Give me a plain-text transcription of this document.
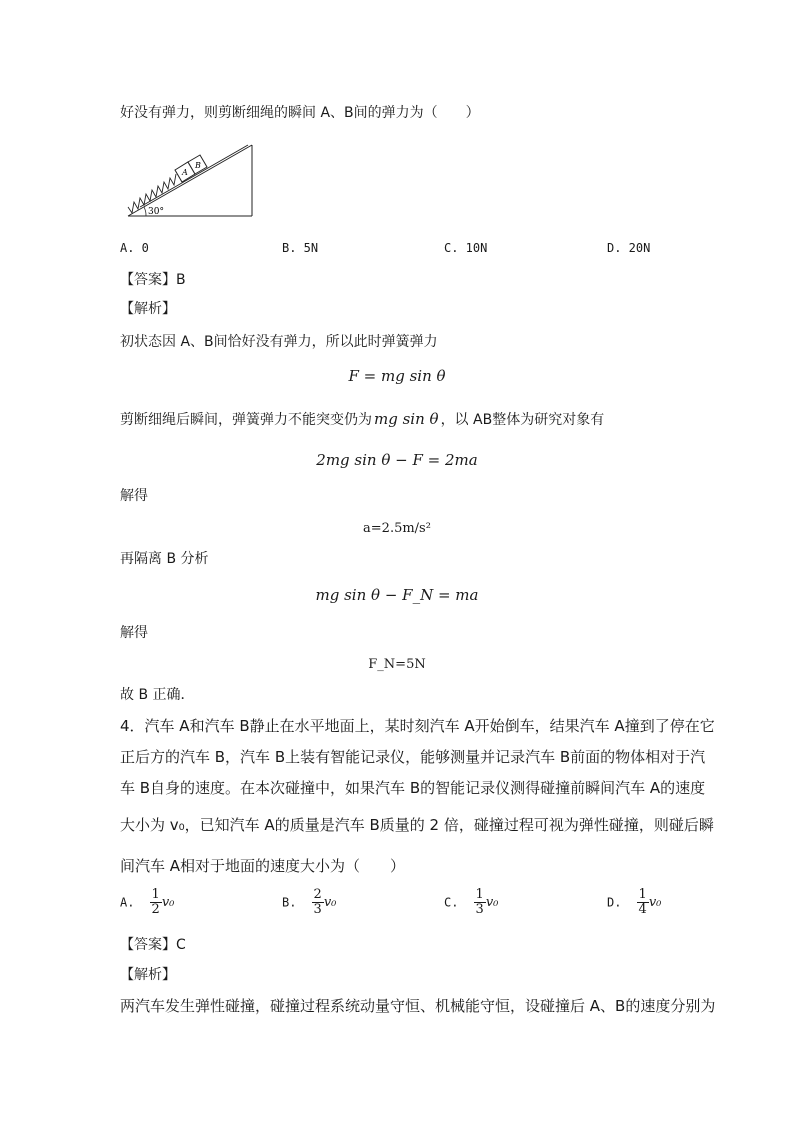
好没有弹力，则剪断细绳的瞬间 A、B间的弹力为（　　）
A
B
30°
A. 0	B. 5N	C. 10N	D. 20N
【答案】B
【解析】
初状态因 A、B间恰好没有弹力，所以此时弹簧弹力
F = mg sin θ
剪断细绳后瞬间，弹簧弹力不能突变仍为 mg sin θ ，以 AB整体为研究对象有
2mg sin θ − F = 2ma
解得
a=2.5m/s²
再隔离 B 分析
mg sin θ − F_N = ma
解得
F_N=5N
故 B 正确．
4．汽车 A和汽车 B静止在水平地面上，某时刻汽车 A开始倒车，结果汽车 A撞到了停在它
正后方的汽车 B，汽车 B上装有智能记录仪，能够测量并记录汽车 B前面的物体相对于汽
车 B自身的速度。在本次碰撞中，如果汽车 B的智能记录仪测得碰撞前瞬间汽车 A的速度
大小为 v₀，已知汽车 A的质量是汽车 B质量的 2 倍，碰撞过程可视为弹性碰撞，则碰后瞬
间汽车 A相对于地面的速度大小为（　　）
A. $\frac{1}{2} v_0$	B. $\frac{2}{3} v_0$	C. $\frac{1}{3} v_0$	D. $\frac{1}{4} v_0$
【答案】C
【解析】
两汽车发生弹性碰撞，碰撞过程系统动量守恒、机械能守恒，设碰撞后 A、B的速度分别为
